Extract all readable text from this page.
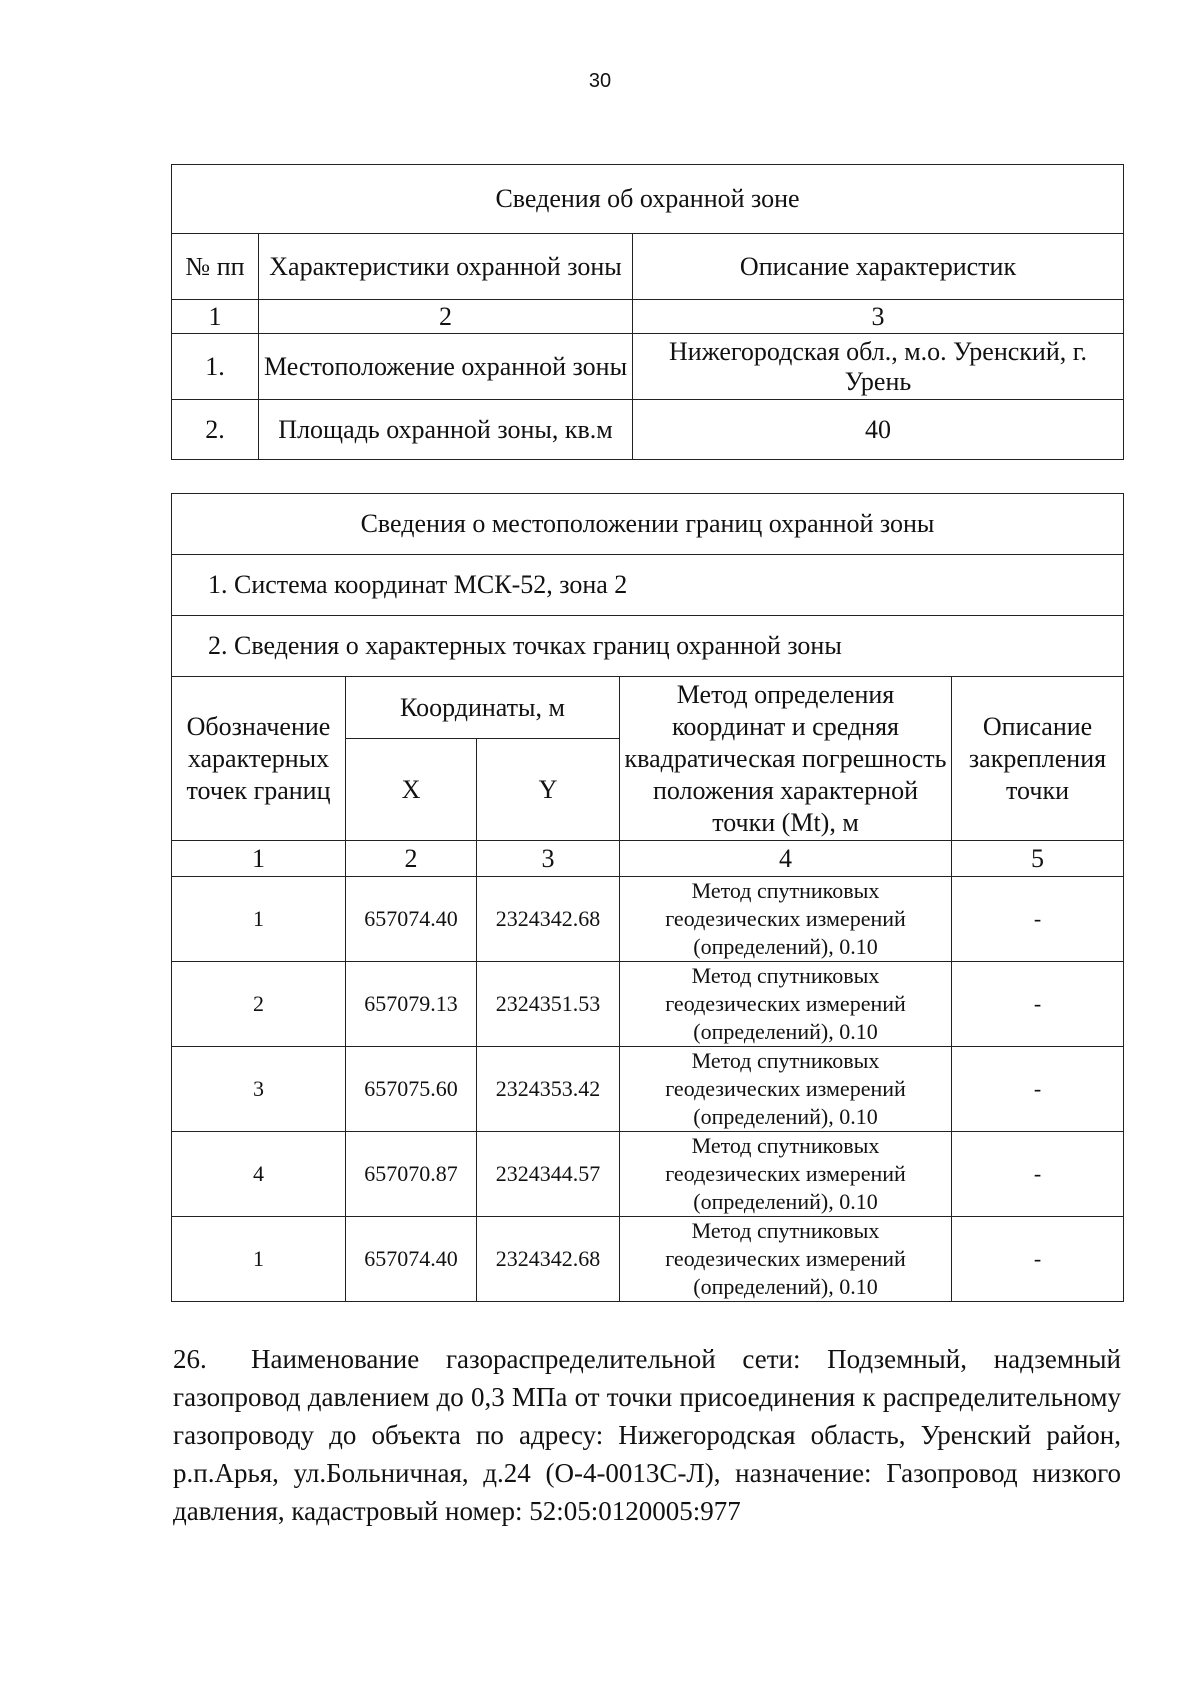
30
Сведения об охранной зоне		
№ пп	Характеристики охранной зоны	Описание характеристик
1	2	3
1.	Местоположение охранной зоны	Нижегородская обл., м.о. Уренский, г. Урень
2.	Площадь охранной зоны, кв.м	40
Сведения о местоположении границ охранной зоны				
1. Система координат МСК-52, зона 2				
2. Сведения о характерных точках границ охранной зоны				
Обозначение характерных точек границ	Координаты, м		Метод определения координат и средняя квадратическая погрешность положения характерной точки (Mt), м	Описание закрепления точки
	X	Y		
1	2	3	4	5
1	657074.40	2324342.68	Метод спутниковых геодезических измерений (определений), 0.10	-
2	657079.13	2324351.53	Метод спутниковых геодезических измерений (определений), 0.10	-
3	657075.60	2324353.42	Метод спутниковых геодезических измерений (определений), 0.10	-
4	657070.87	2324344.57	Метод спутниковых геодезических измерений (определений), 0.10	-
1	657074.40	2324342.68	Метод спутниковых геодезических измерений (определений), 0.10	-
26. Наименование газораспределительной сети: Подземный, надземный газопровод давлением до 0,3 МПа от точки присоединения к распределительному газопроводу до объекта по адресу: Нижегородская область, Уренский район, р.п.Арья, ул.Больничная, д.24 (О-4-0013С-Л), назначение: Газопровод низкого давления, кадастровый номер: 52:05:0120005:977
